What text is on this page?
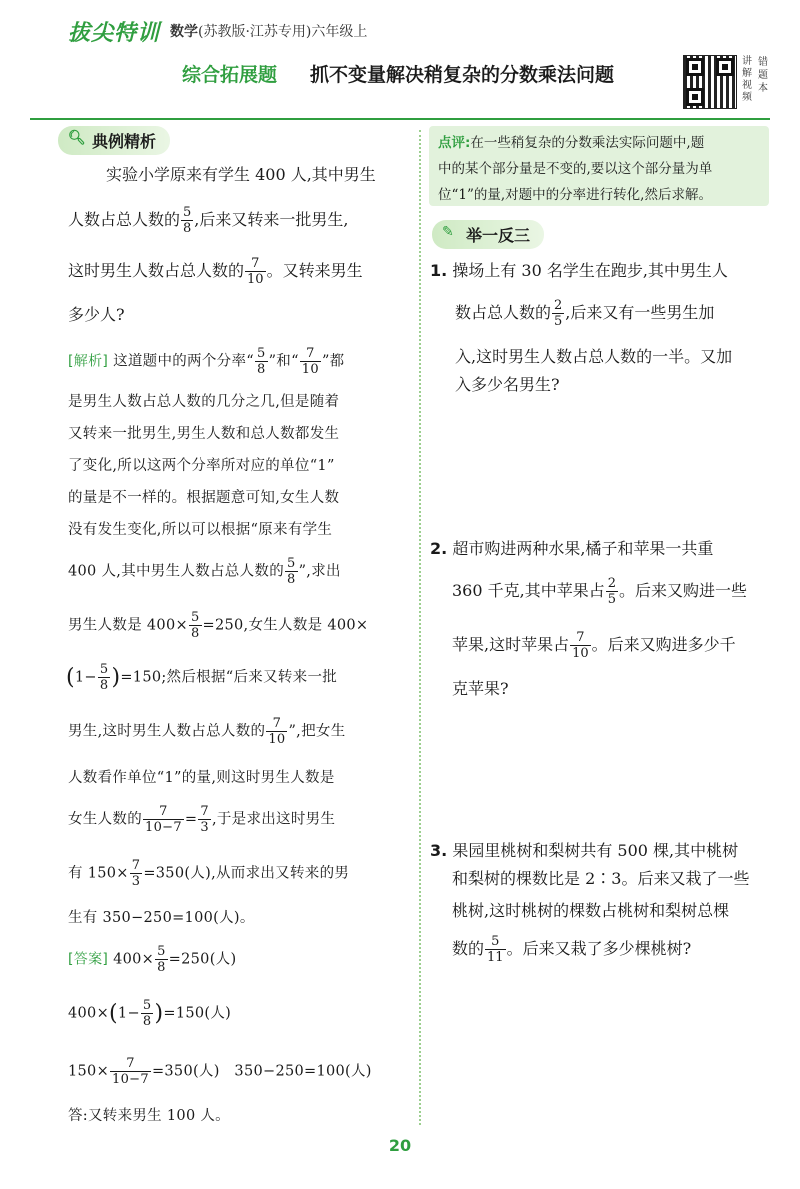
拔尖特训 数学(苏教版·江苏专用)六年级上
综合拓展题 抓不变量解决稍复杂的分数乘法问题
讲解视频
错题本
🔍︎ 典例精析
实验小学原来有学生 400 人,其中男生
人数占总人数的 $\frac{5}{8}$ ,后来又转来一批男生,
这时男生人数占总人数的 $\frac{7}{10}$ 。又转来男生
多少人?
[解析] 这道题中的两个分率“ $\frac{5}{8}$ ”和“ $\frac{7}{10}$ ”都
是男生人数占总人数的几分之几,但是随着
又转来一批男生,男生人数和总人数都发生
了变化,所以这两个分率所对应的单位“1”
的量是不一样的。根据题意可知,女生人数
没有发生变化,所以可以根据“原来有学生
400 人,其中男生人数占总人数的 $\frac{5}{8}$ ”,求出
男生人数是 $400\times \frac{5}{8} =250$,女生人数是 400×
$(1- \frac{5}{8} )=150$;然后根据“后来又转来一批
男生,这时男生人数占总人数的 $\frac{7}{10}$ ”,把女生
人数看作单位“1”的量,则这时男生人数是
女生人数的 $\frac{7}{10-7} = \frac{7}{3}$ ,于是求出这时男生
有 $150\times \frac{7}{3} =350$(人),从而求出又转来的男
生有 350−250=100(人)。
[答案] $400\times \frac{5}{8} =250$(人)
$400\times(1- \frac{5}{8} )=150$(人)
$150\times \frac{7}{10-7} =350$(人) 350−250=100(人)
答:又转来男生 100 人。
点评:在一些稍复杂的分数乘法实际问题中,题
中的某个部分量是不变的,要以这个部分量为单
位“1”的量,对题中的分率进行转化,然后求解。
✎ 举一反三
1. 操场上有 30 名学生在跑步,其中男生人
数占总人数的 $\frac{2}{5}$ ,后来又有一些男生加
入,这时男生人数占总人数的一半。又加
入多少名男生?
2. 超市购进两种水果,橘子和苹果一共重
360 千克,其中苹果占 $\frac{2}{5}$ 。后来又购进一些
苹果,这时苹果占 $\frac{7}{10}$ 。后来又购进多少千
克苹果?
3. 果园里桃树和梨树共有 500 棵,其中桃树
和梨树的棵数比是 2∶3。后来又栽了一些
桃树,这时桃树的棵数占桃树和梨树总棵
数的 $\frac{5}{11}$ 。后来又栽了多少棵桃树?
20
